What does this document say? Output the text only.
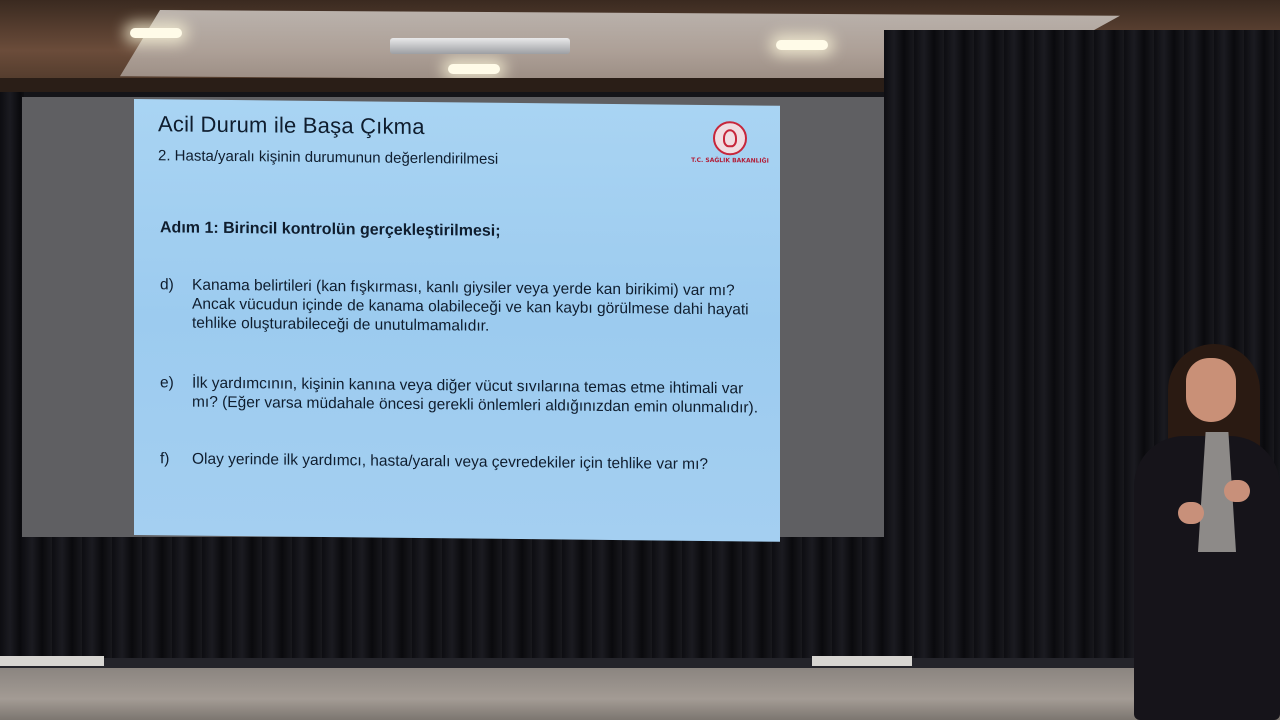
Acil Durum ile Başa Çıkma
2. Hasta/yaralı kişinin durumunun değerlendirilmesi	T.C. SAĞLIK BAKANLIĞI
Adım 1: Birincil kontrolün gerçekleştirilmesi;
d) Kanama belirtileri (kan fışkırması, kanlı giysiler veya yerde kan birikimi) var mı? Ancak vücudun içinde de kanama olabileceği ve kan kaybı görülmese dahi hayati tehlike oluşturabileceği de unutulmamalıdır.
e) İlk yardımcının, kişinin kanına veya diğer vücut sıvılarına temas etme ihtimali var mı? (Eğer varsa müdahale öncesi gerekli önlemleri aldığınızdan emin olunmalıdır).
f) Olay yerinde ilk yardımcı, hasta/yaralı veya çevredekiler için tehlike var mı?
